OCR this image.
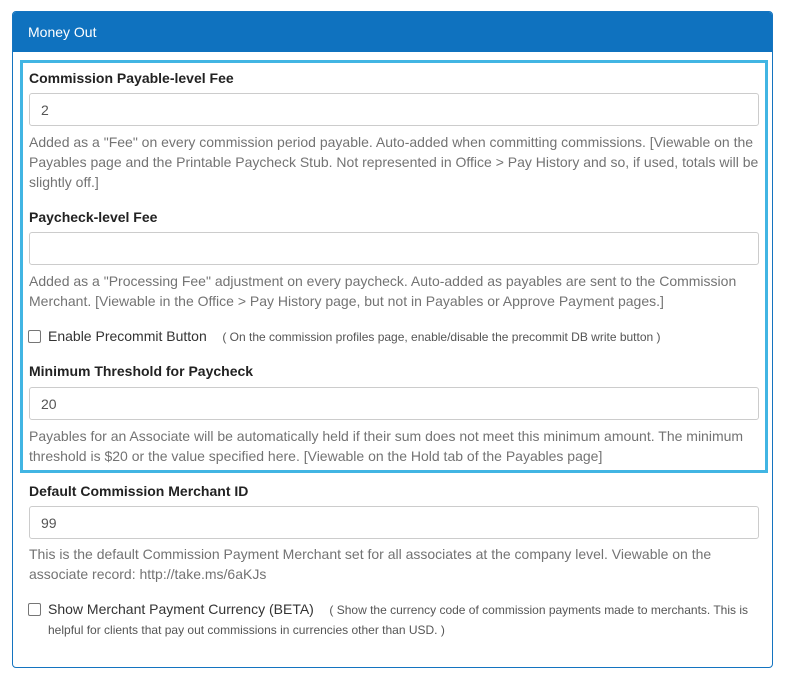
Money Out
Commission Payable-level Fee
2
Added as a "Fee" on every commission period payable. Auto-added when committing commissions. [Viewable on the Payables page and the Printable Paycheck Stub. Not represented in Office > Pay History and so, if used, totals will be slightly off.]
Paycheck-level Fee
Added as a "Processing Fee" adjustment on every paycheck. Auto-added as payables are sent to the Commission Merchant. [Viewable in the Office > Pay History page, but not in Payables or Approve Payment pages.]
Enable Precommit Button ( On the commission profiles page, enable/disable the precommit DB write button )
Minimum Threshold for Paycheck
20
Payables for an Associate will be automatically held if their sum does not meet this minimum amount. The minimum threshold is $20 or the value specified here. [Viewable on the Hold tab of the Payables page]
Default Commission Merchant ID
99
This is the default Commission Payment Merchant set for all associates at the company level. Viewable on the associate record: http://take.ms/6aKJs
Show Merchant Payment Currency (BETA) ( Show the currency code of commission payments made to merchants. This is
helpful for clients that pay out commissions in currencies other than USD. )
